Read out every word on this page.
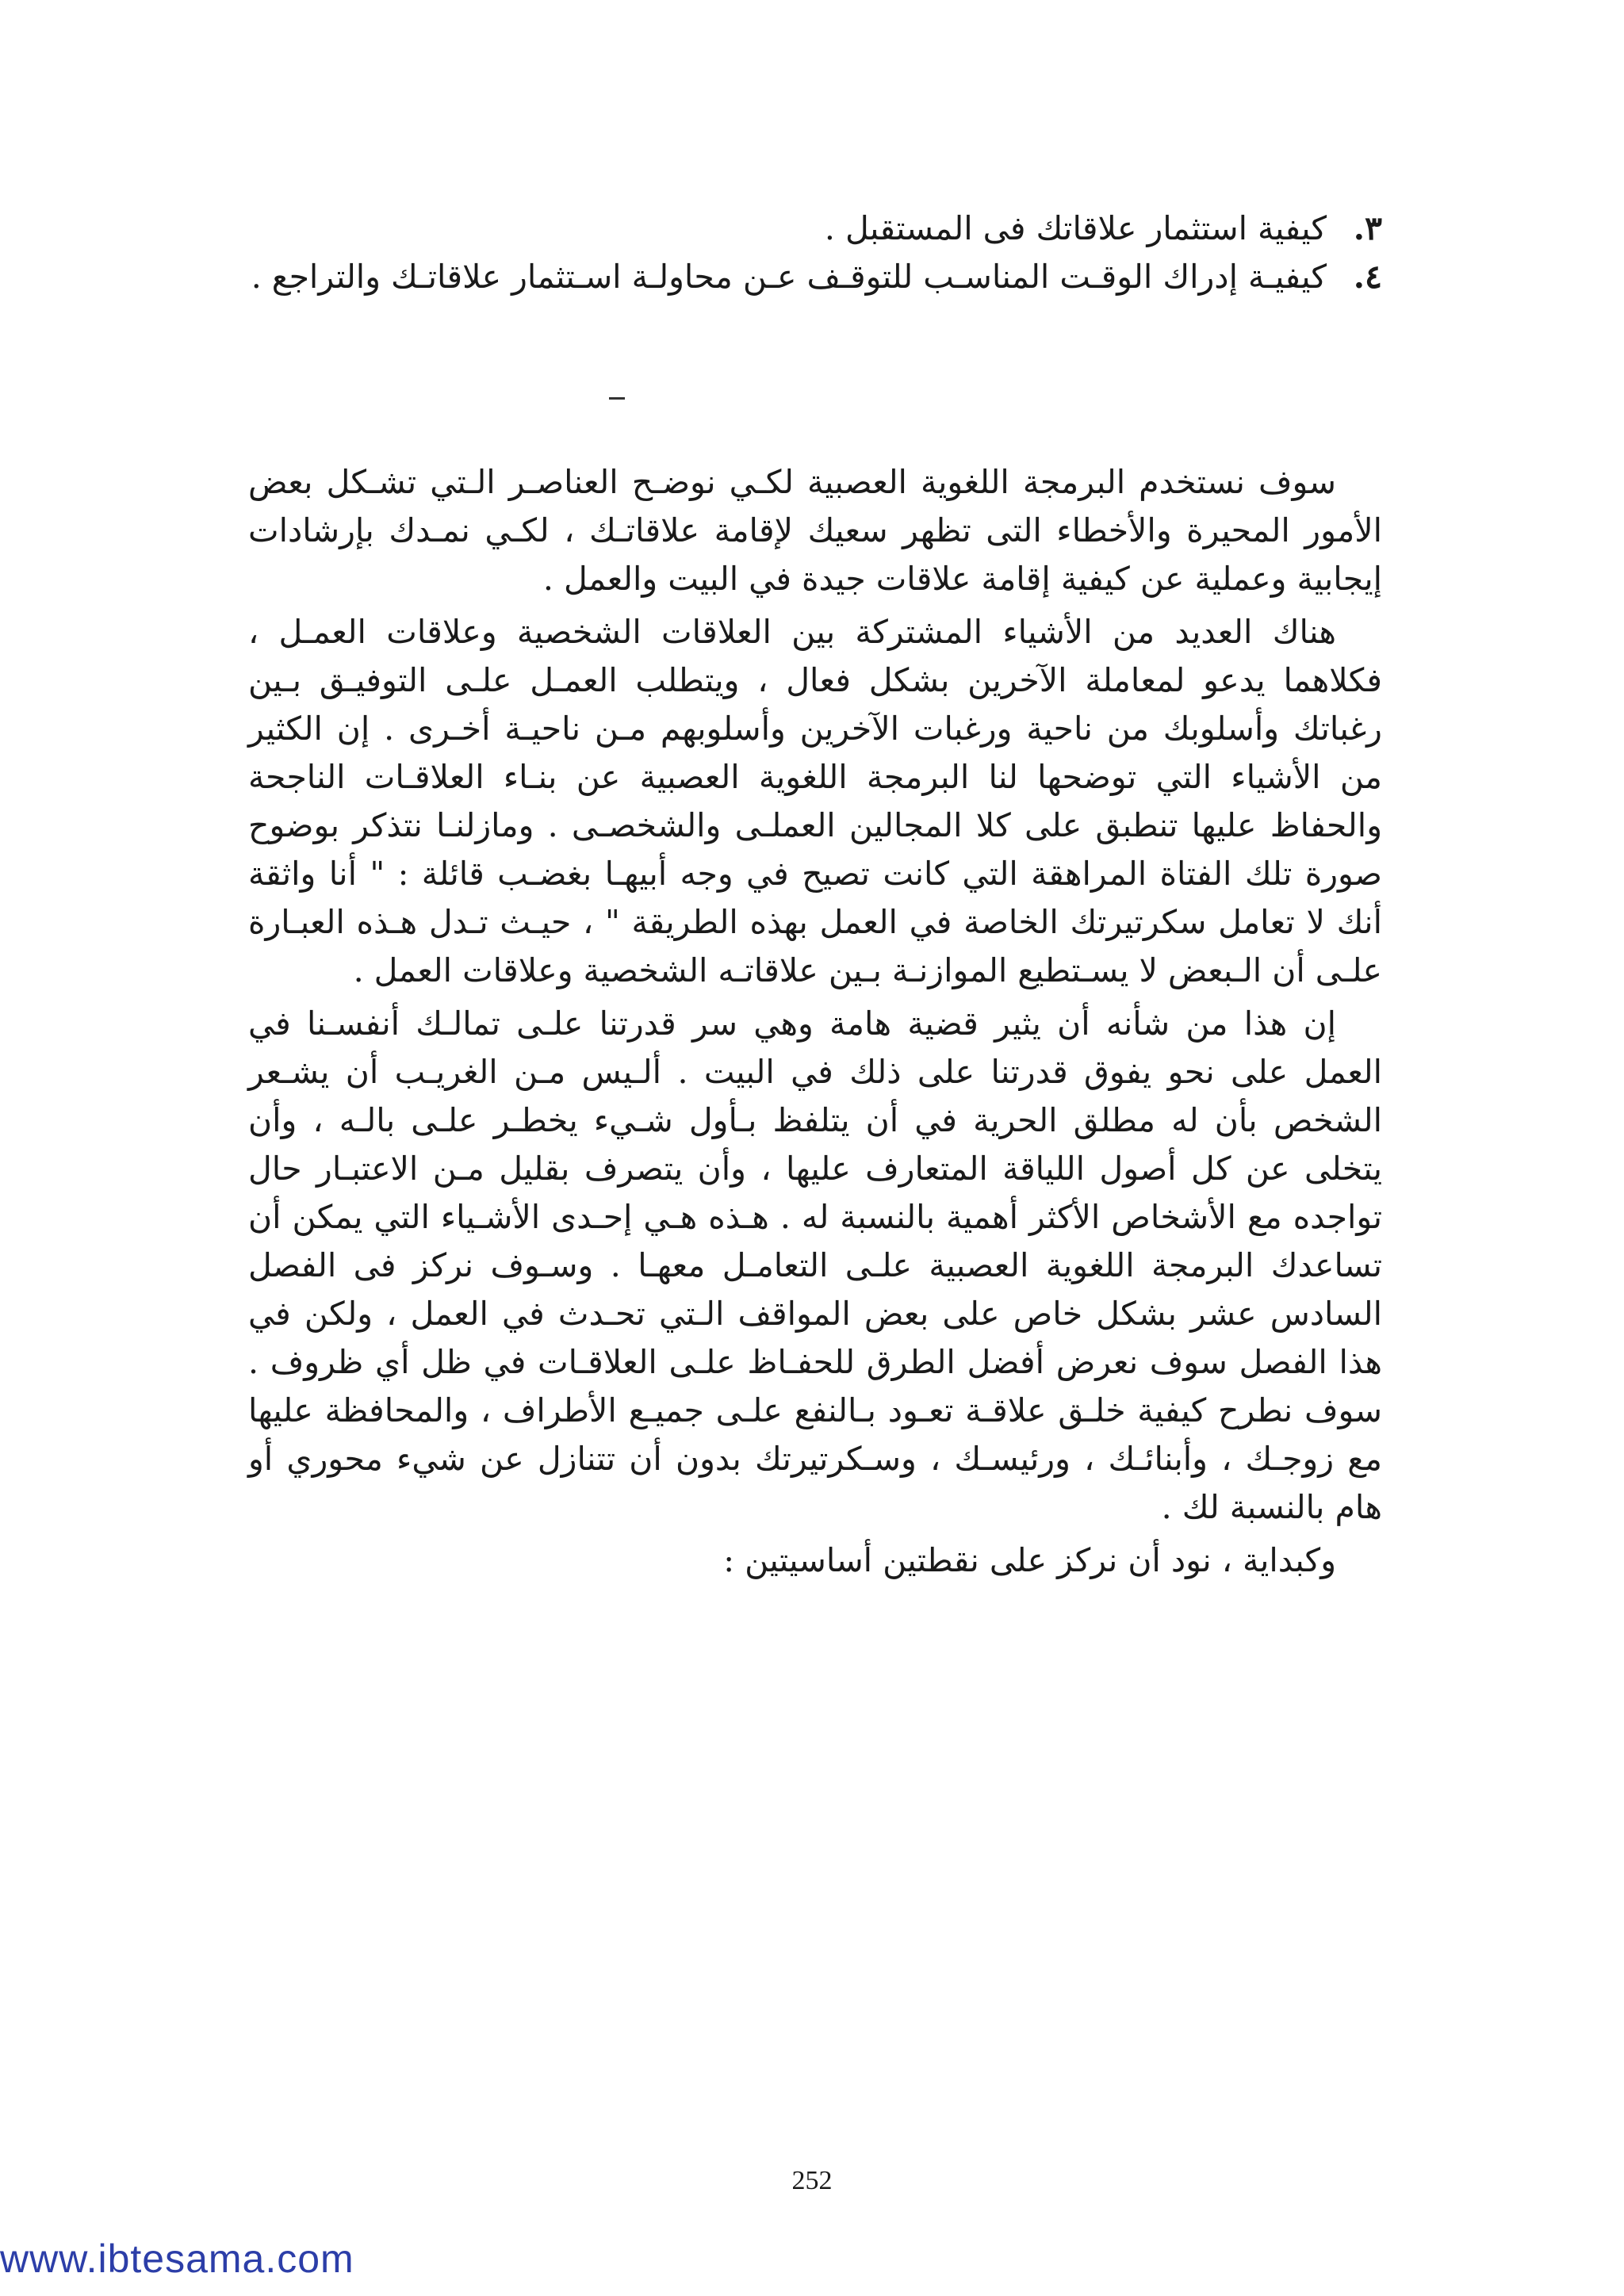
٣.
كيفية استثمار علاقاتك فى المستقبل .

٤.
كيفيـة إدراك الوقـت المناسـب للتوقـف عـن محاولـة اسـتثمار علاقاتـك والتراجع .

سوف نستخدم البرمجة اللغوية العصبية لكـي نوضـح العناصـر الـتي تشـكل بعض الأمور المحيرة والأخطاء التى تظهر سعيك لإقامة علاقاتـك ، لكـي نمـدك بإرشادات إيجابية وعملية عن كيفية إقامة علاقات جيدة في البيت والعمل .

هناك العديد من الأشياء المشتركة بين العلاقات الشخصية وعلاقات العمـل ، فكلاهما يدعو لمعاملة الآخرين بشكل فعال ، ويتطلب العمـل علـى التوفيـق بـين رغباتك وأسلوبك من ناحية ورغبات الآخرين وأسلوبهم مـن ناحيـة أخـرى . إن الكثير من الأشياء التي توضحها لنا البرمجة اللغوية العصبية عن بنـاء العلاقـات الناجحة والحفاظ عليها تنطبق على كلا المجالين العملـى والشخصـى . ومازلنـا نتذكر بوضوح صورة تلك الفتاة المراهقة التي كانت تصيح في وجه أبيهـا بغضـب قائلة : " أنا واثقة أنك لا تعامل سكرتيرتك الخاصة في العمل بهذه الطريقة " ، حيـث تـدل هـذه العبـارة علـى أن الـبعض لا يسـتطيع الموازنـة بـين علاقاتـه الشخصية وعلاقات العمل .

إن هذا من شأنه أن يثير قضية هامة وهي سر قدرتنا علـى تمالـك أنفسـنا في العمل على نحو يفوق قدرتنا على ذلك في البيت . ألـيس مـن الغريـب أن يشـعر الشخص بأن له مطلق الحرية في أن يتلفظ بـأول شـيء يخطـر علـى بالـه ، وأن يتخلى عن كل أصول اللياقة المتعارف عليها ، وأن يتصرف بقليل مـن الاعتبـار حال تواجده مع الأشخاص الأكثر أهمية بالنسبة له . هـذه هـي إحـدى الأشـياء التي يمكن أن تساعدك البرمجة اللغوية العصبية علـى التعامـل معهـا . وسـوف نركز فى الفصل السادس عشر بشكل خاص على بعض المواقف الـتي تحـدث في العمل ، ولكن في هذا الفصل سوف نعرض أفضل الطرق للحفـاظ علـى العلاقـات في ظل أي ظروف . سوف نطرح كيفية خلـق علاقـة تعـود بـالنفع علـى جميـع الأطراف ، والمحافظة عليها مع زوجـك ، وأبنائـك ، ورئيسـك ، وسـكرتيرتك بدون أن تتنازل عن شيء محوري أو هام بالنسبة لك .

وكبداية ، نود أن نركز على نقطتين أساسيتين :

252
www.ibtesama.com
